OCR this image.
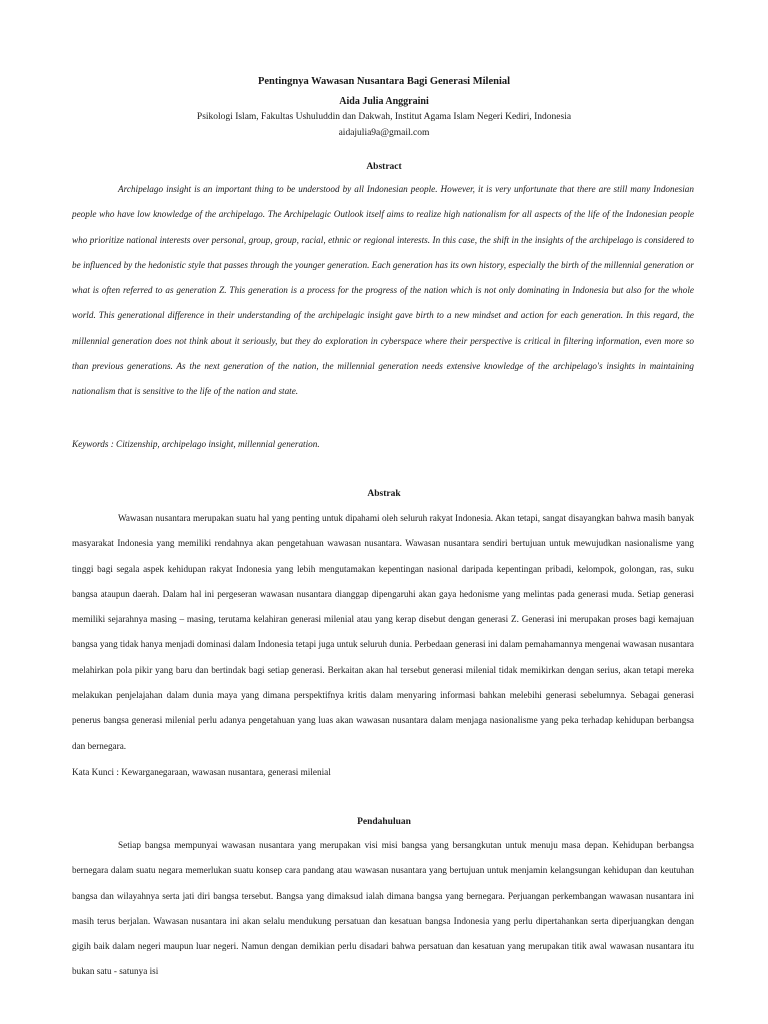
Pentingnya Wawasan Nusantara Bagi Generasi Milenial
Aida Julia Anggraini
Psikologi Islam, Fakultas Ushuluddin dan Dakwah, Institut Agama Islam Negeri Kediri, Indonesia
aidajulia9a@gmail.com
Abstract

Archipelago insight is an important thing to be understood by all Indonesian people. However, it is very unfortunate that there are still many Indonesian people who have low knowledge of the archipelago. The Archipelagic Outlook itself aims to realize high nationalism for all aspects of the life of the Indonesian people who prioritize national interests over personal, group, group, racial, ethnic or regional interests. In this case, the shift in the insights of the archipelago is considered to be influenced by the hedonistic style that passes through the younger generation. Each generation has its own history, especially the birth of the millennial generation or what is often referred to as generation Z. This generation is a process for the progress of the nation which is not only dominating in Indonesia but also for the whole world. This generational difference in their understanding of the archipelagic insight gave birth to a new mindset and action for each generation. In this regard, the millennial generation does not think about it seriously, but they do exploration in cyberspace where their perspective is critical in filtering information, even more so than previous generations. As the next generation of the nation, the millennial generation needs extensive knowledge of the archipelago's insights in maintaining nationalism that is sensitive to the life of the nation and state.

Keywords : Citizenship, archipelago insight, millennial generation.
Abstrak

Wawasan nusantara merupakan suatu hal yang penting untuk dipahami oleh seluruh rakyat Indonesia. Akan tetapi, sangat disayangkan bahwa masih banyak masyarakat Indonesia yang memiliki rendahnya akan pengetahuan wawasan nusantara. Wawasan nusantara sendiri bertujuan untuk mewujudkan nasionalisme yang tinggi bagi segala aspek kehidupan rakyat Indonesia yang lebih mengutamakan kepentingan nasional daripada kepentingan pribadi, kelompok, golongan, ras, suku bangsa ataupun daerah. Dalam hal ini pergeseran wawasan nusantara dianggap dipengaruhi akan gaya hedonisme yang melintas pada generasi muda. Setiap generasi memiliki sejarahnya masing – masing, terutama kelahiran generasi milenial atau yang kerap disebut dengan generasi Z. Generasi ini merupakan proses bagi kemajuan bangsa yang tidak hanya menjadi dominasi dalam Indonesia tetapi juga untuk seluruh dunia. Perbedaan generasi ini dalam pemahamannya mengenai wawasan nusantara melahirkan pola pikir yang baru dan bertindak bagi setiap generasi. Berkaitan akan hal tersebut generasi milenial tidak memikirkan dengan serius, akan tetapi mereka melakukan penjelajahan dalam dunia maya yang dimana perspektifnya kritis dalam menyaring informasi bahkan melebihi generasi sebelumnya. Sebagai generasi penerus bangsa generasi milenial perlu adanya pengetahuan yang luas akan wawasan nusantara dalam menjaga nasionalisme yang peka terhadap kehidupan berbangsa dan bernegara.

Kata Kunci : Kewarganegaraan, wawasan nusantara, generasi milenial
Pendahuluan

Setiap bangsa mempunyai wawasan nusantara yang merupakan visi misi bangsa yang bersangkutan untuk menuju masa depan. Kehidupan berbangsa bernegara dalam suatu negara memerlukan suatu konsep cara pandang atau wawasan nusantara yang bertujuan untuk menjamin kelangsungan kehidupan dan keutuhan bangsa dan wilayahnya serta jati diri bangsa tersebut. Bangsa yang dimaksud ialah dimana bangsa yang bernegara. Perjuangan perkembangan wawasan nusantara ini masih terus berjalan. Wawasan nusantara ini akan selalu mendukung persatuan dan kesatuan bangsa Indonesia yang perlu dipertahankan serta diperjuangkan dengan gigih baik dalam negeri maupun luar negeri. Namun dengan demikian perlu disadari bahwa persatuan dan kesatuan yang merupakan titik awal wawasan nusantara itu bukan satu - satunya isi
